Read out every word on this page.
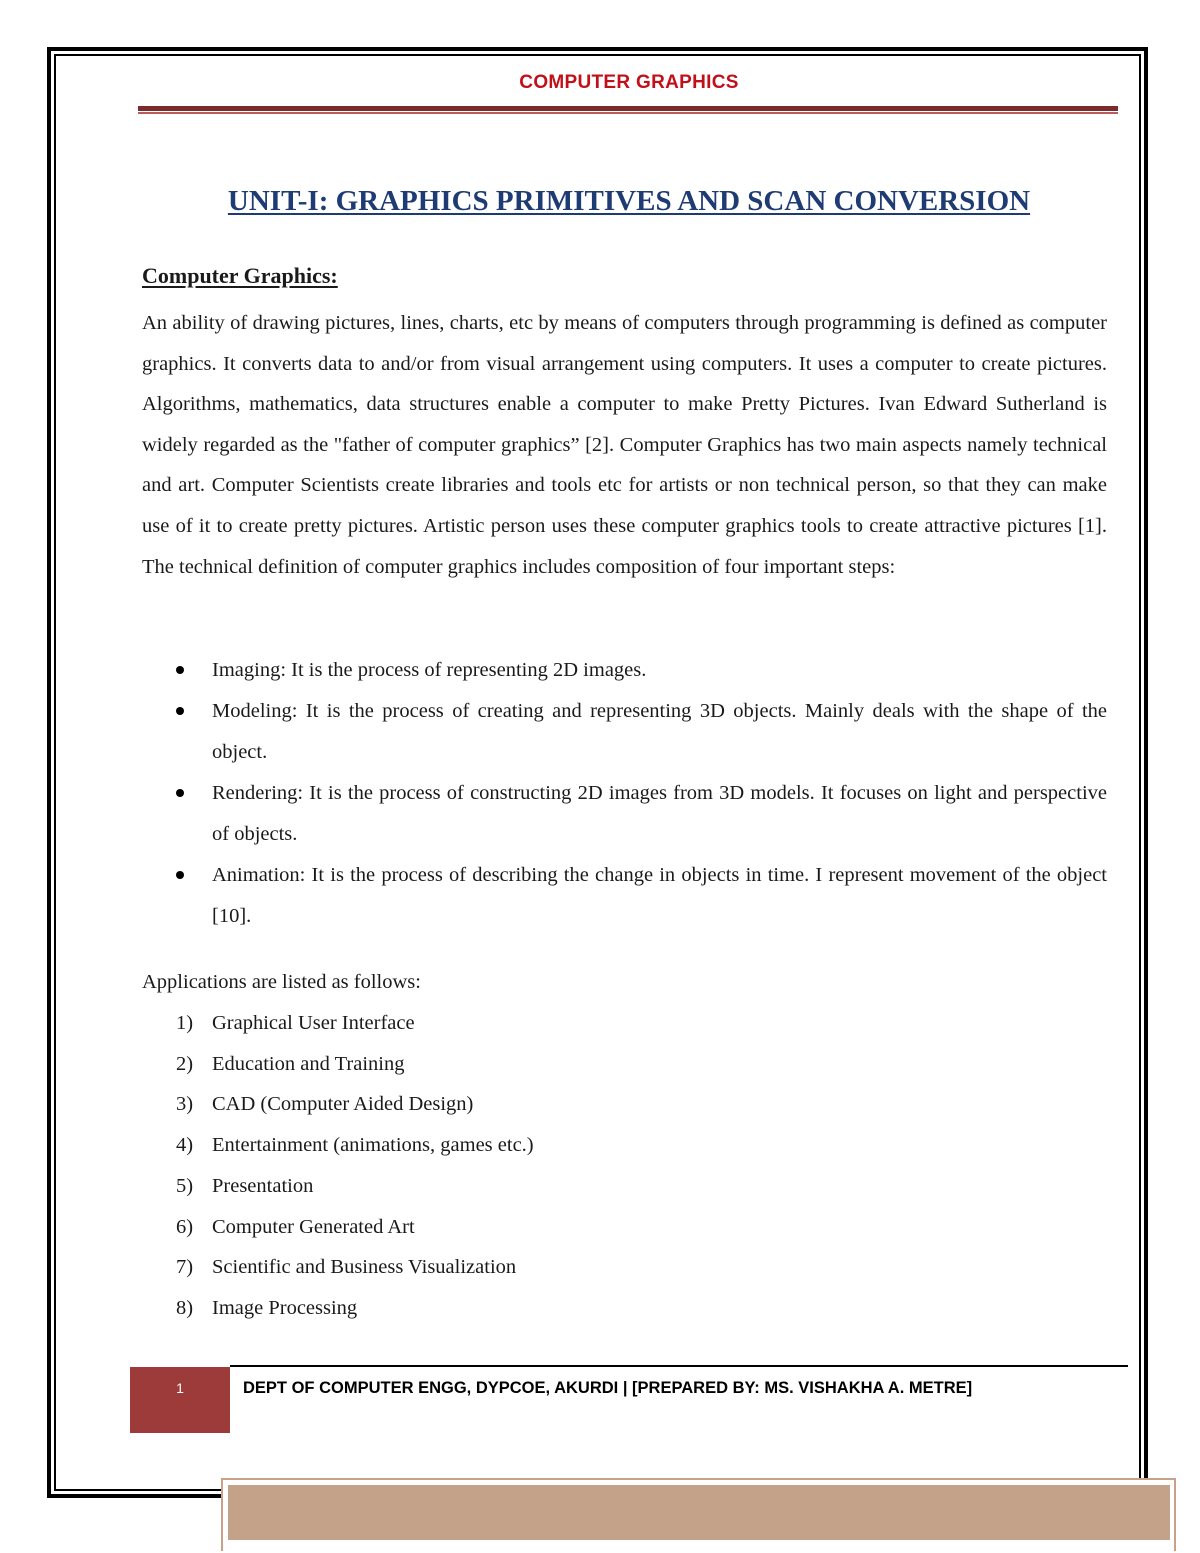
COMPUTER GRAPHICS
UNIT-I: GRAPHICS PRIMITIVES AND SCAN CONVERSION
Computer Graphics:

An ability of drawing pictures, lines, charts, etc by means of computers through programming is defined as computer graphics. It converts data to and/or from visual arrangement using computers. It uses a computer to create pictures. Algorithms, mathematics, data structures enable a computer to make Pretty Pictures. Ivan Edward Sutherland is widely regarded as the "father of computer graphics” [2]. Computer Graphics has two main aspects namely technical and art. Computer Scientists create libraries and tools etc for artists or non technical person, so that they can make use of it to create pretty pictures. Artistic person uses these computer graphics tools to create attractive pictures [1]. The technical definition of computer graphics includes composition of four important steps:

Imaging: It is the process of representing 2D images.
Modeling: It is the process of creating and representing 3D objects. Mainly deals with the shape of the object.
Rendering: It is the process of constructing 2D images from 3D models. It focuses on light and perspective of objects.
Animation: It is the process of describing the change in objects in time. I represent movement of the object [10].
Applications are listed as follows:
1) Graphical User Interface
2) Education and Training
3) CAD (Computer Aided Design)
4) Entertainment (animations, games etc.)
5) Presentation
6) Computer Generated Art
7) Scientific and Business Visualization
8) Image Processing
1	DEPT OF COMPUTER ENGG, DYPCOE, AKURDI | [PREPARED BY: MS. VISHAKHA A. METRE]
